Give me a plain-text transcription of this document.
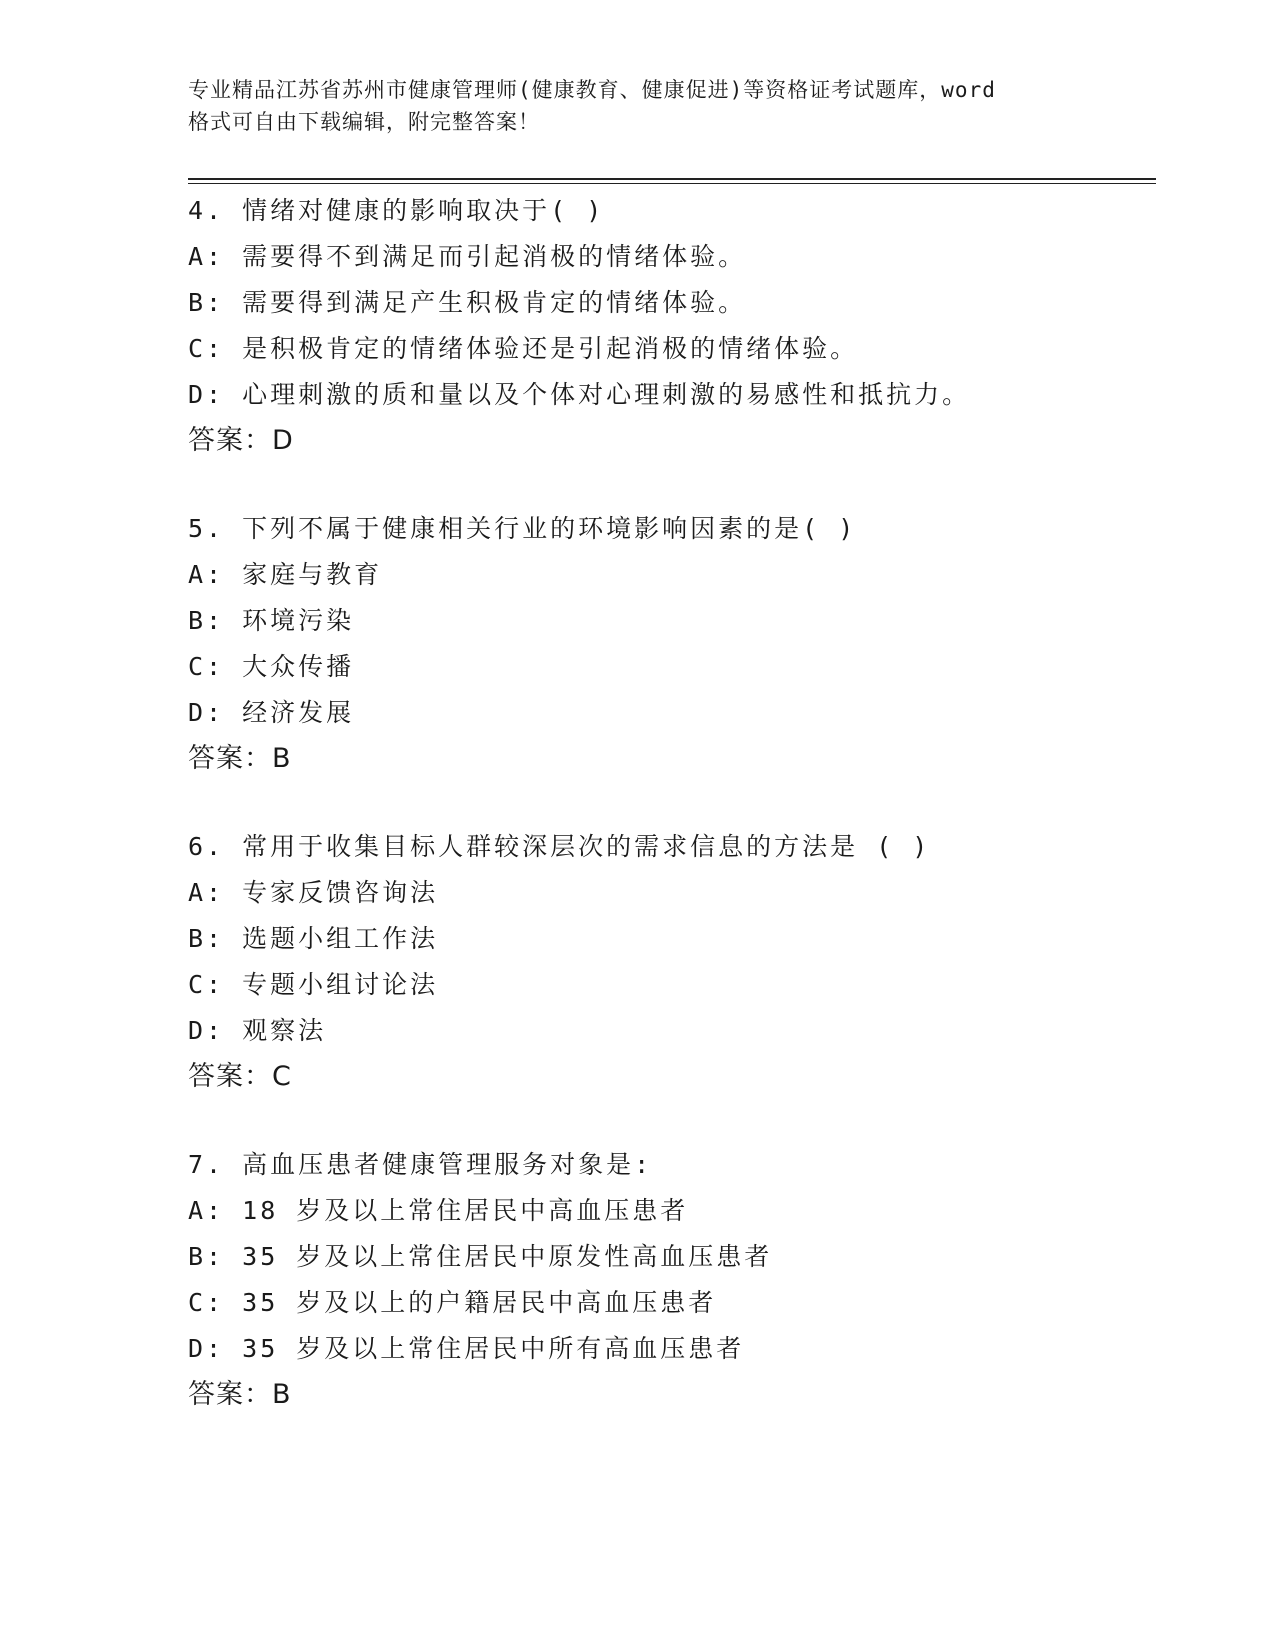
专业精品江苏省苏州市健康管理师(健康教育、健康促进)等资格证考试题库，word
格式可自由下载编辑，附完整答案！
4. 情绪对健康的影响取决于( )
A: 需要得不到满足而引起消极的情绪体验。
B: 需要得到满足产生积极肯定的情绪体验。
C: 是积极肯定的情绪体验还是引起消极的情绪体验。
D: 心理刺激的质和量以及个体对心理刺激的易感性和抵抗力。
答案：D
5. 下列不属于健康相关行业的环境影响因素的是( )
A: 家庭与教育
B: 环境污染
C: 大众传播
D: 经济发展
答案：B
6. 常用于收集目标人群较深层次的需求信息的方法是 ( )
A: 专家反馈咨询法
B: 选题小组工作法
C: 专题小组讨论法
D: 观察法
答案：C
7. 高血压患者健康管理服务对象是:
A: 18 岁及以上常住居民中高血压患者
B: 35 岁及以上常住居民中原发性高血压患者
C: 35 岁及以上的户籍居民中高血压患者
D: 35 岁及以上常住居民中所有高血压患者
答案：B
